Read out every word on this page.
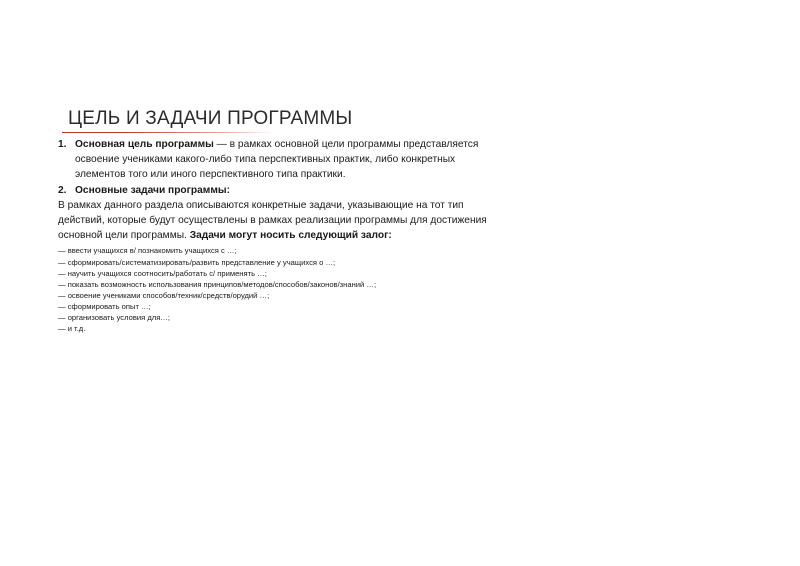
ЦЕЛЬ И ЗАДАЧИ ПРОГРАММЫ
1. Основная цель программы — в рамках основной цели программы представляется освоение учениками какого-либо типа перспективных практик, либо конкретных элементов того или иного перспективного типа практики.
2. Основные задачи программы:

В рамках данного раздела описываются конкретные задачи, указывающие на тот тип действий, которые будут осуществлены в рамках реализации программы для достижения основной цели программы. Задачи могут носить следующий залог:

— ввести учащихся в/ познакомить учащихся с …;
— сформировать/систематизировать/развить представление у учащихся о …;
— научить учащихся соотносить/работать с/ применять …;
— показать возможность использования принципов/методов/способов/законов/знаний …;
— освоение учениками способов/техник/средств/орудий …;
— сформировать опыт …;
— организовать условия для…;
— и т.д.
